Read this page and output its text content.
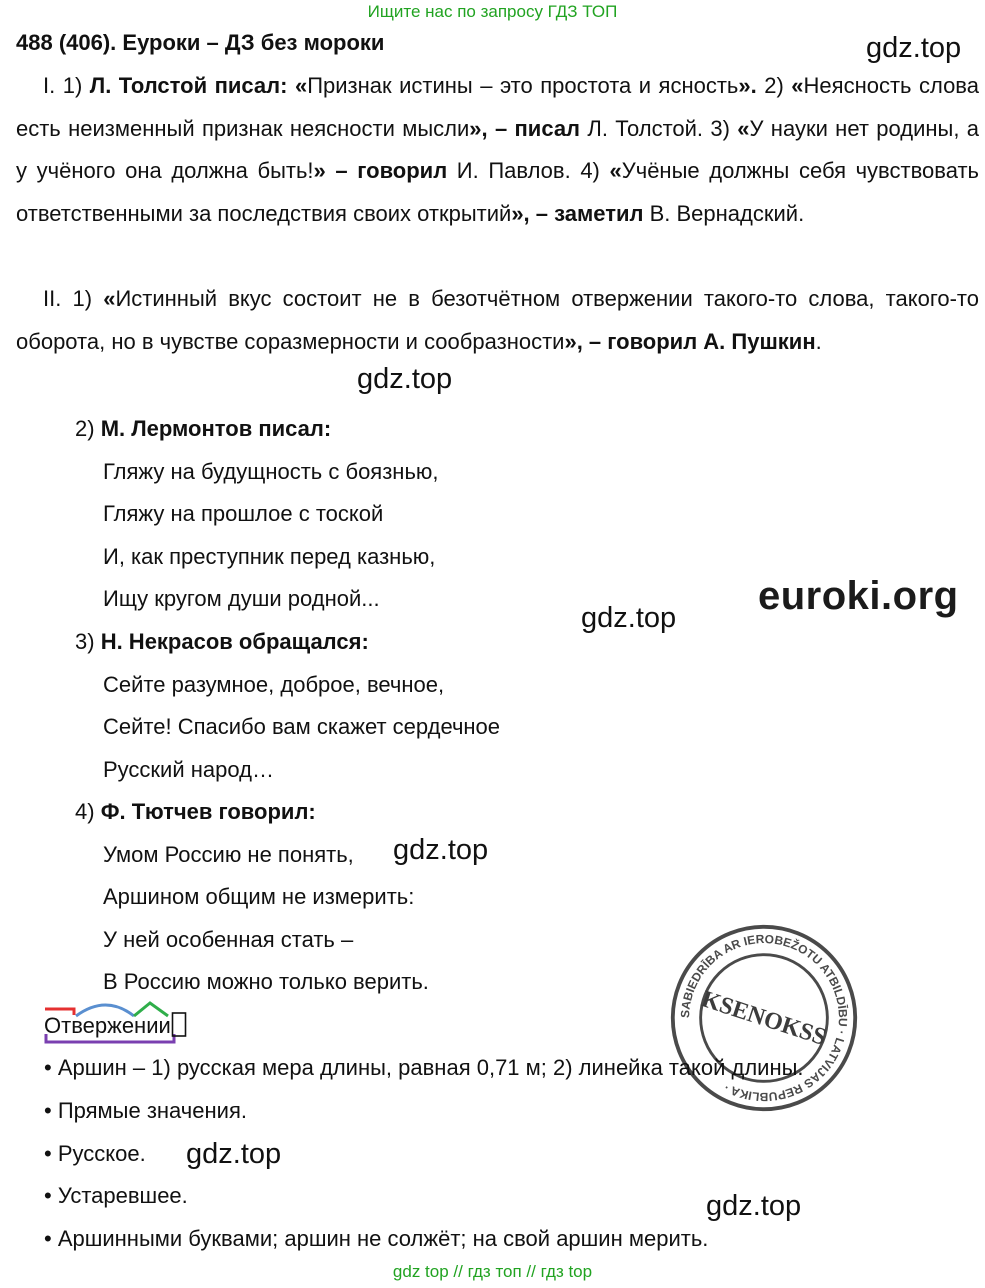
Ищите нас по запросу ГДЗ ТОП
488 (406). Еуроки – ДЗ без мороки	gdz.top
I. 1) Л. Толстой писал: «Признак истины – это простота и ясность». 2) «Неясность слова есть неизменный признак неясности мысли», – писал Л. Толстой. 3) «У науки нет родины, а у учёного она должна быть!» – говорил И. Павлов. 4) «Учёные должны себя чувствовать ответственными за последствия своих открытий», – заметил В. Вернадский.
II. 1) «Истинный вкус состоит не в безотчётном отвержении такого-то слова, такого-то оборота, но в чувстве соразмерности и сообразности», – говорил А. Пушкин.
gdz.top
2) М. Лермонтов писал:
Гляжу на будущность с боязнью,
Гляжу на прошлое с тоской
И, как преступник перед казнью,
Ищу кругом души родной...	euroki.org
gdz.top
3) Н. Некрасов обращался:
Сейте разумное, доброе, вечное,
Сейте! Спасибо вам скажет сердечное
Русский народ…
4) Ф. Тютчев говорил:
Умом Россию не понять, gdz.top
Аршином общим не измерить:
У ней особенная стать –
В Россию можно только верить.
SABIEDRĪBA AR IEROBEŽOTU ATBILDĪBU · LATVIJAS REPUBLIKA ·
KSENOKSS
Отвержении
• Аршин – 1) русская мера длины, равная 0,71 м; 2) линейка такой длины.
• Прямые значения.
• Русское. gdz.top
• Устаревшее.	gdz.top
• Аршинными буквами; аршин не солжёт; на свой аршин мерить.
gdz top // гдз топ // гдз top
